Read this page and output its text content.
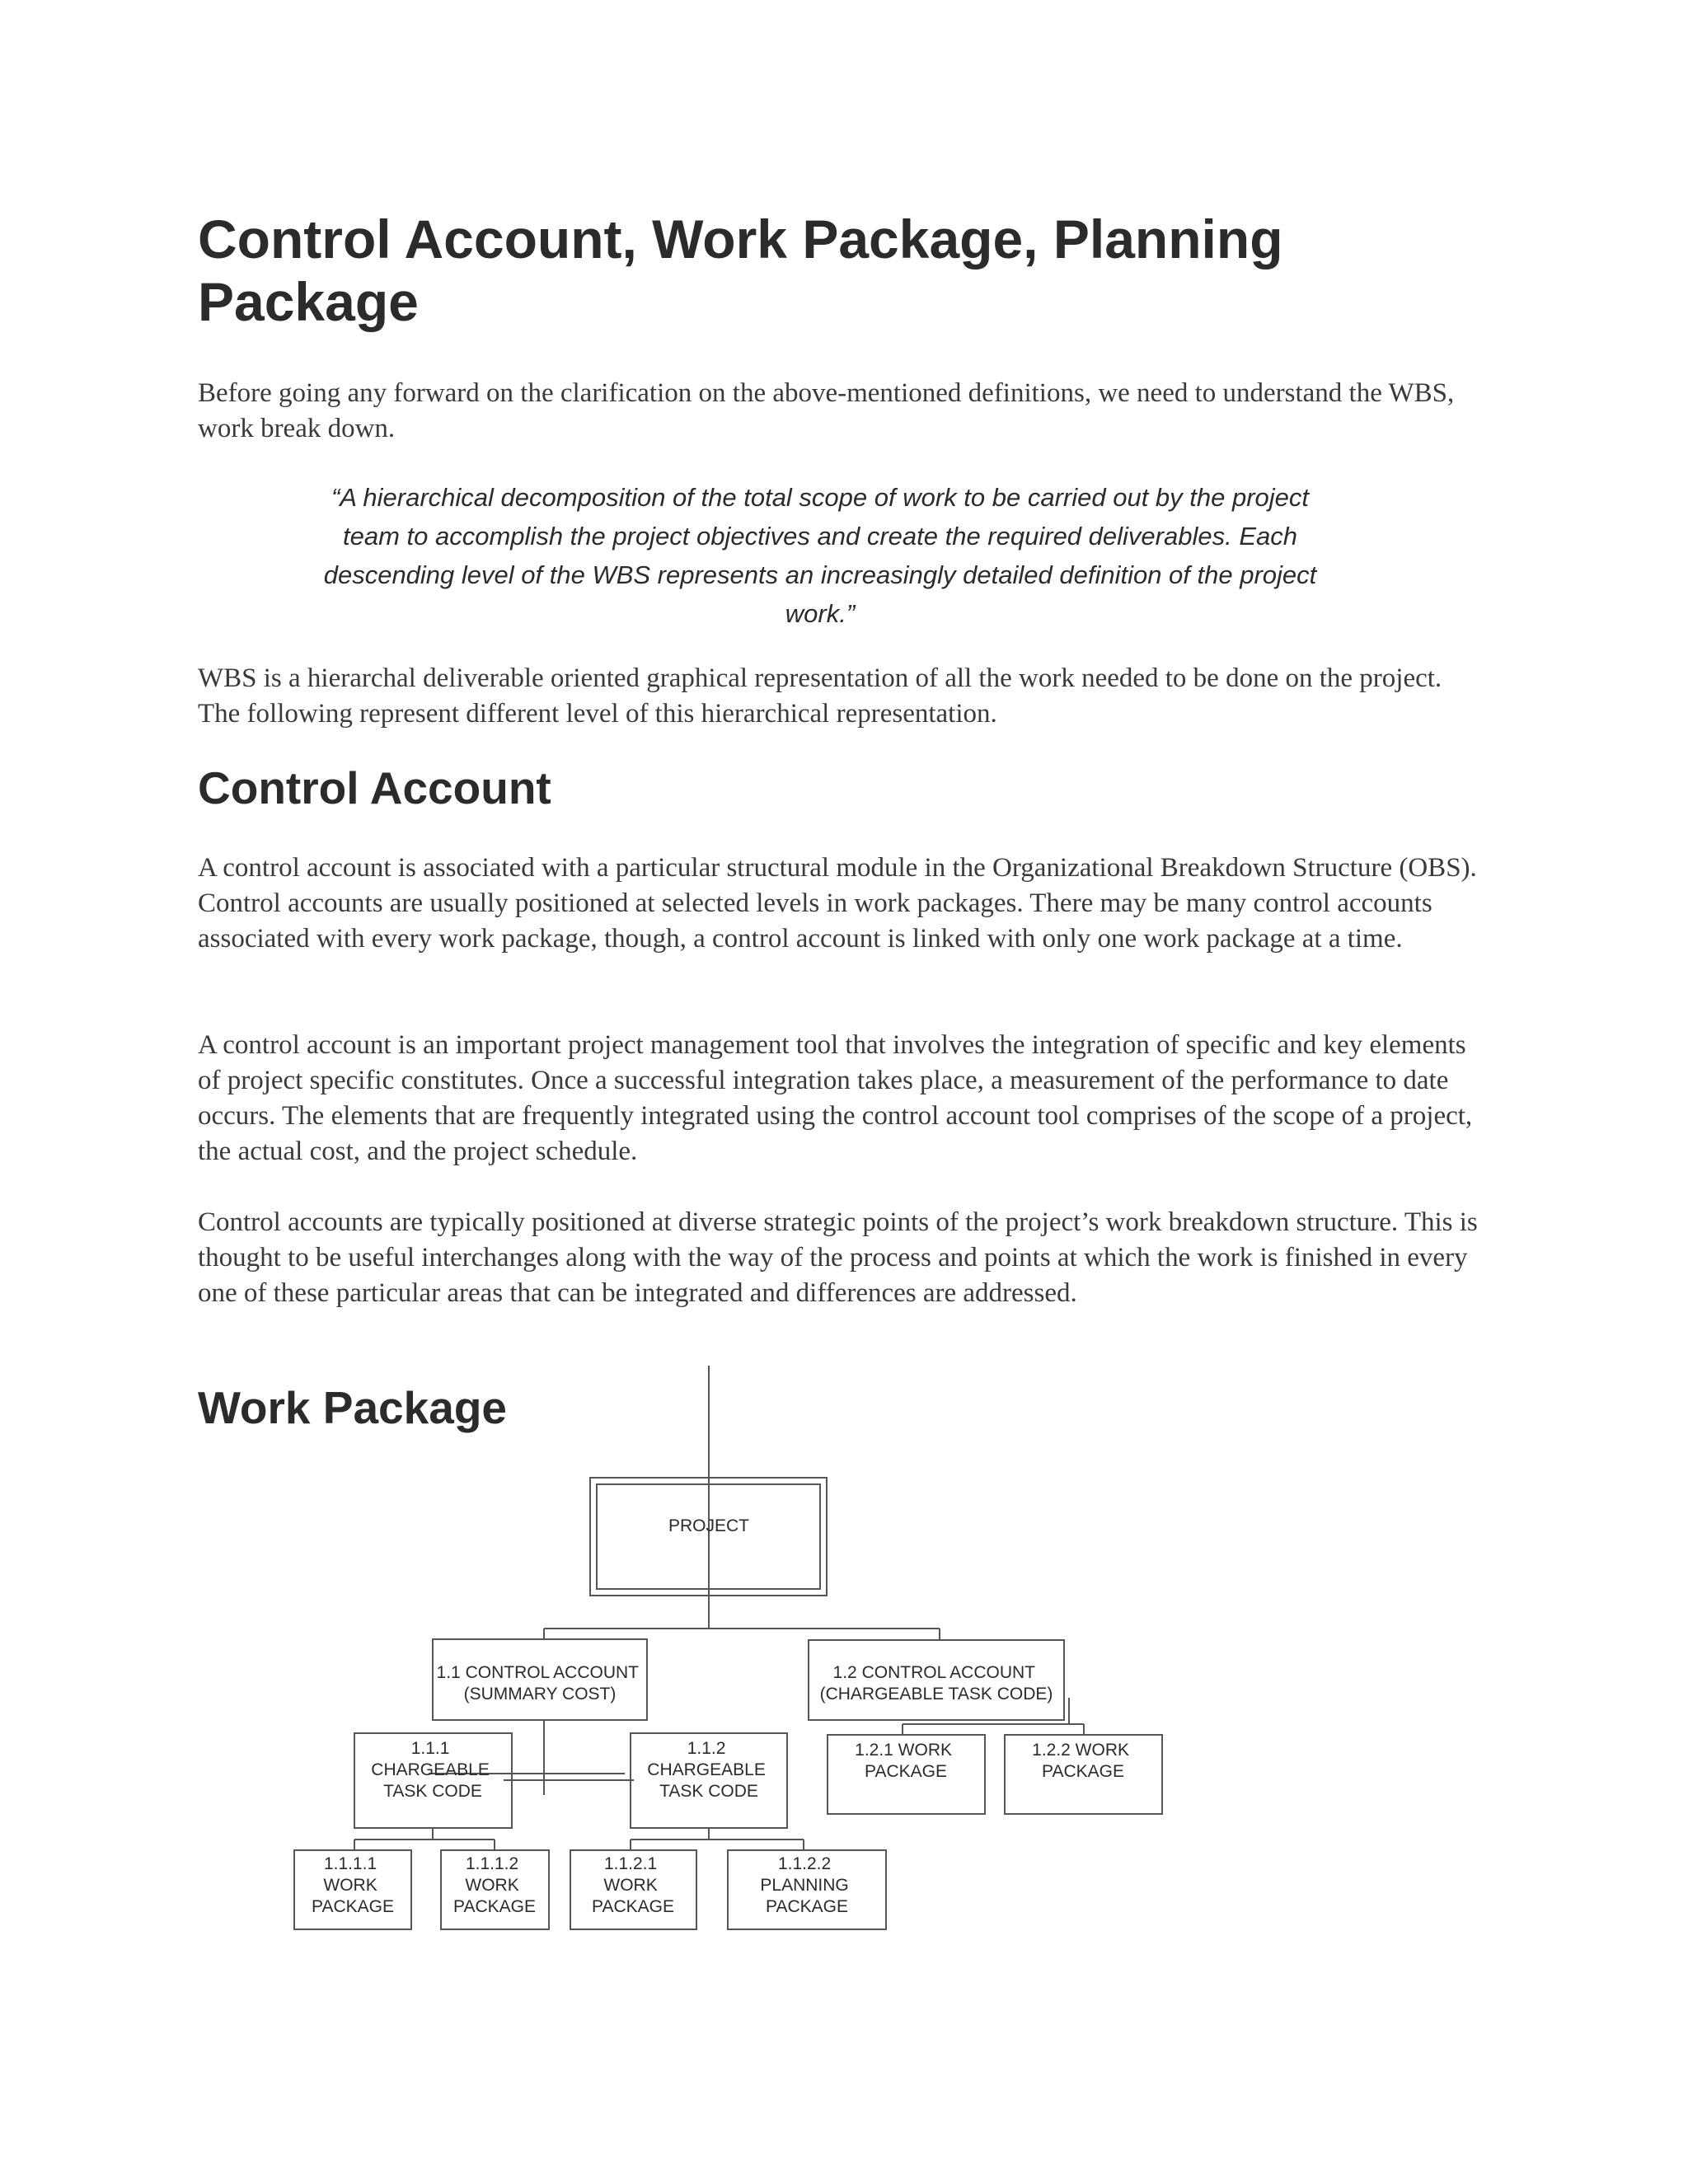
Control Account, Work Package, Planning Package

Before going any forward on the clarification on the above-mentioned definitions, we need to understand the WBS, work break down.

“A hierarchical decomposition of the total scope of work to be carried out by the project team to accomplish the project objectives and create the required deliverables. Each descending level of the WBS represents an increasingly detailed definition of the project work.”

WBS is a hierarchal deliverable oriented graphical representation of all the work needed to be done on the project. The following represent different level of this hierarchical representation.

Control Account

A control account is associated with a particular structural module in the Organizational Breakdown Structure (OBS). Control accounts are usually positioned at selected levels in work packages. There may be many control accounts associated with every work package, though, a control account is linked with only one work package at a time.

A control account is an important project management tool that involves the integration of specific and key elements of project specific constitutes. Once a successful integration takes place, a measurement of the performance to date occurs. The elements that are frequently integrated using the control account tool comprises of the scope of a project, the actual cost, and the project schedule.

Control accounts are typically positioned at diverse strategic points of the project’s work breakdown structure. This is thought to be useful interchanges along with the way of the process and points at which the work is finished in every one of these particular areas that can be integrated and differences are addressed.

Work Package
PROJECT
1.1 CONTROL ACCOUNT (SUMMARY COST)
1.2 CONTROL ACCOUNT (CHARGEABLE TASK CODE)
1.1.1 CHARGEABLE TASK CODE
1.1.2 CHARGEABLE TASK CODE
1.2.1 WORK PACKAGE
1.2.2 WORK PACKAGE
1.1.1.1 WORK PACKAGE
1.1.1.2 WORK PACKAGE
1.1.2.1 WORK PACKAGE
1.1.2.2 PLANNING PACKAGE
